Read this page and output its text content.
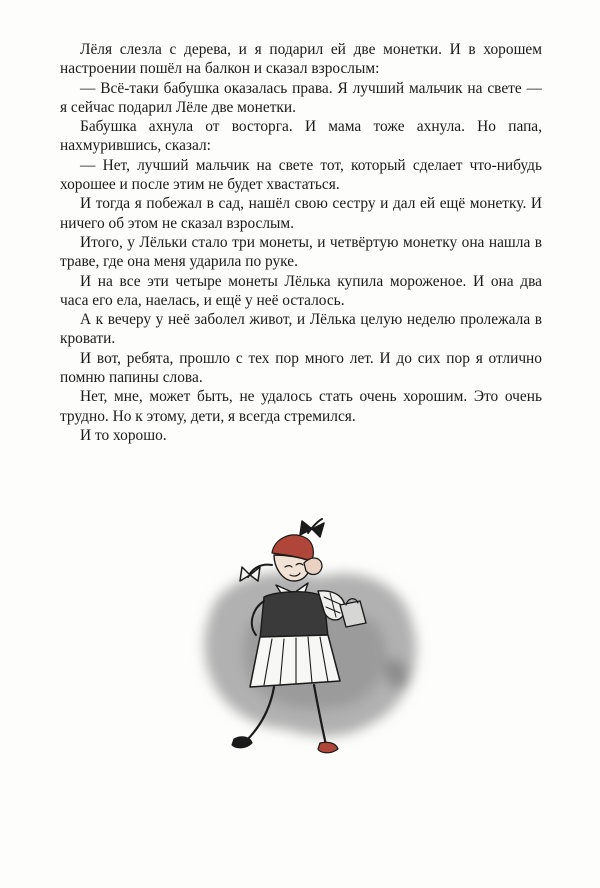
Лёля слезла с дерева, и я подарил ей две монетки. И в хорошем настроении пошёл на балкон и сказал взрослым:

— Всё-таки бабушка оказалась права. Я лучший мальчик на свете — я сейчас подарил Лёле две монетки.

Бабушка ахнула от восторга. И мама тоже ахнула. Но папа, нахмурившись, сказал:

— Нет, лучший мальчик на свете тот, который сделает что-нибудь хорошее и после этим не будет хвастаться.

И тогда я побежал в сад, нашёл свою сестру и дал ей ещё монетку. И ничего об этом не сказал взрослым.

Итого, у Лёльки стало три монеты, и четвёртую монетку она нашла в траве, где она меня ударила по руке.

И на все эти четыре монеты Лёлька купила мороженое. И она два часа его ела, наелась, и ещё у неё осталось.

А к вечеру у неё заболел живот, и Лёлька целую неделю пролежала в кровати.

И вот, ребята, прошло с тех пор много лет. И до сих пор я отлично помню папины слова.

Нет, мне, может быть, не удалось стать очень хорошим. Это очень трудно. Но к этому, дети, я всегда стремился.

И то хорошо.
